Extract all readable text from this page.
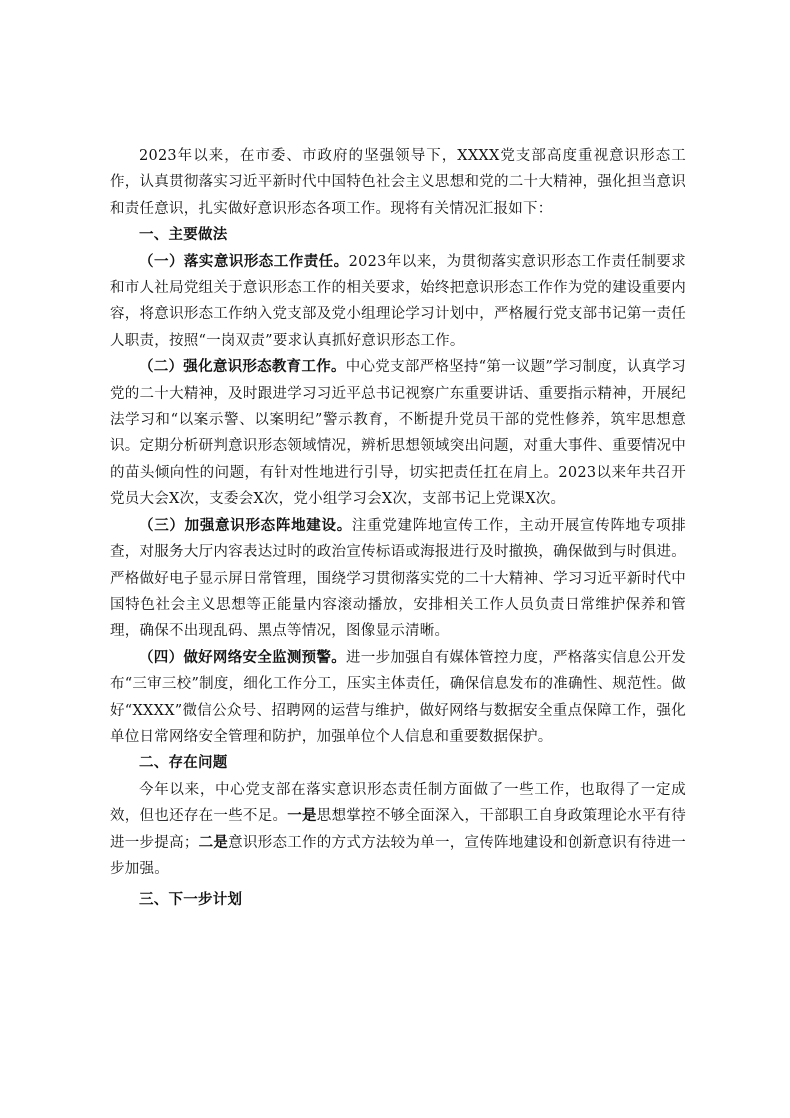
2023年以来，在市委、市政府的坚强领导下，XXXX党支部高度重视意识形态工作，认真贯彻落实习近平新时代中国特色社会主义思想和党的二十大精神，强化担当意识和责任意识，扎实做好意识形态各项工作。现将有关情况汇报如下：

一、主要做法

（一）落实意识形态工作责任。2023年以来，为贯彻落实意识形态工作责任制要求和市人社局党组关于意识形态工作的相关要求，始终把意识形态工作作为党的建设重要内容，将意识形态工作纳入党支部及党小组理论学习计划中，严格履行党支部书记第一责任人职责，按照“一岗双责”要求认真抓好意识形态工作。

（二）强化意识形态教育工作。中心党支部严格坚持“第一议题”学习制度，认真学习党的二十大精神，及时跟进学习习近平总书记视察广东重要讲话、重要指示精神，开展纪法学习和“以案示警、以案明纪”警示教育，不断提升党员干部的党性修养，筑牢思想意识。定期分析研判意识形态领域情况，辨析思想领域突出问题，对重大事件、重要情况中的苗头倾向性的问题，有针对性地进行引导，切实把责任扛在肩上。2023以来年共召开党员大会X次，支委会X次，党小组学习会X次，支部书记上党课X次。

（三）加强意识形态阵地建设。注重党建阵地宣传工作，主动开展宣传阵地专项排查，对服务大厅内容表达过时的政治宣传标语或海报进行及时撤换，确保做到与时俱进。严格做好电子显示屏日常管理，围绕学习贯彻落实党的二十大精神、学习习近平新时代中国特色社会主义思想等正能量内容滚动播放，安排相关工作人员负责日常维护保养和管理，确保不出现乱码、黑点等情况，图像显示清晰。

（四）做好网络安全监测预警。进一步加强自有媒体管控力度，严格落实信息公开发布“三审三校”制度，细化工作分工，压实主体责任，确保信息发布的准确性、规范性。做好“XXXX”微信公众号、招聘网的运营与维护，做好网络与数据安全重点保障工作，强化单位日常网络安全管理和防护，加强单位个人信息和重要数据保护。

二、存在问题

今年以来，中心党支部在落实意识形态责任制方面做了一些工作，也取得了一定成效，但也还存在一些不足。一是思想掌控不够全面深入，干部职工自身政策理论水平有待进一步提高；二是意识形态工作的方式方法较为单一，宣传阵地建设和创新意识有待进一步加强。

三、下一步计划
